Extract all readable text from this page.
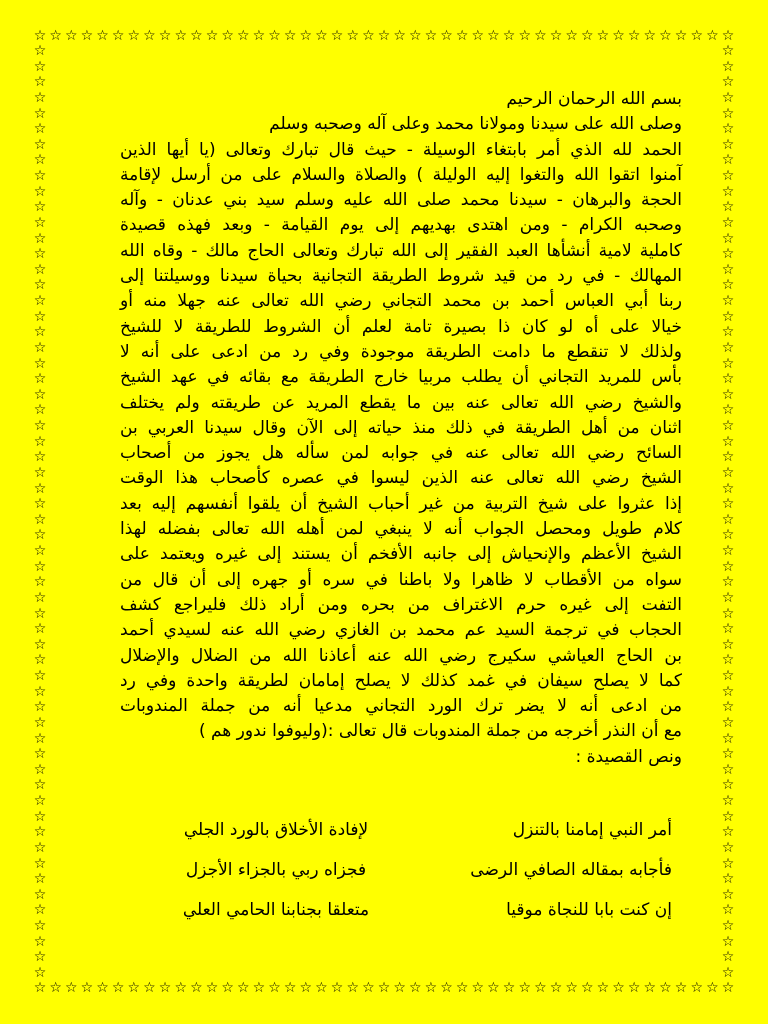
☆
☆
☆
☆
☆
☆
☆
☆
☆
☆
☆
☆
☆
☆
☆
☆
☆
☆
☆
☆
☆
☆
☆
☆
☆
☆
☆
☆
☆
☆
☆
☆
☆
☆
☆
☆
☆
☆
☆
☆
☆
☆
☆
☆
☆
☆
☆
☆
☆
☆
☆
☆
☆
☆
☆
☆
☆
☆
☆
☆
☆
☆
☆
☆
☆
☆
☆
☆
☆
☆
☆
☆
☆
☆
☆
☆
☆
☆
☆
☆
☆
☆
☆
☆
☆
☆
☆
☆
☆
☆
☆	☆
☆	☆
☆	☆
☆	☆
☆	☆
☆	☆
☆	☆
☆	☆
☆	☆
☆	☆
☆	☆
☆	☆
☆	☆
☆	☆
☆	☆
☆	☆
☆	☆
☆	☆
☆	☆
☆	☆
☆	☆
☆	☆
☆	☆
☆	☆
☆	☆
☆	☆
☆	☆
☆	☆
☆	☆
☆	☆
☆	☆
☆	☆
☆	☆
☆	☆
☆	☆
☆	☆
☆	☆
☆	☆
☆	☆
☆	☆
☆	☆
☆	☆
☆	☆
☆	☆
☆	☆
☆	☆
☆	☆
☆	☆
☆	☆
☆	☆
☆	☆
☆	☆
☆	☆
☆	☆
☆	☆
☆	☆
☆	☆
☆	☆
☆	☆
☆	☆
بسم الله الرحمان الرحيم
وصلى الله على سيدنا ومولانا محمد وعلى آله وصحبه وسلم
الحمد لله الذي أمر بابتغاء الوسيلة - حيث قال تبارك وتعالى (يا أيها الذين
آمنوا اتقوا الله والتغوا إليه الوليلة ) والصلاة والسلام على من أرسل لإقامة
الحجة والبرهان - سيدنا محمد صلى الله عليه وسلم سيد بني عدنان - وآله
وصحبه الكرام - ومن اهتدى بهديهم إلى يوم القيامة - وبعد فهذه قصيدة
كاملية لامية أنشأها العبد الفقير إلى الله تبارك وتعالى الحاج مالك - وقاه الله
المهالك - في رد من قيد شروط الطريقة التجانية بحياة سيدنا ووسيلتنا إلى
ربنا أبي العباس أحمد بن محمد التجاني رضي الله تعالى عنه جهلا منه أو
خيالا على أه لو كان ذا بصيرة تامة لعلم أن الشروط للطريقة لا للشيخ
ولذلك لا تنقطع ما دامت الطريقة موجودة وفي رد من ادعى على أنه لا
بأس للمريد التجاني أن يطلب مربيا خارج الطريقة مع بقائه في عهد الشيخ
والشيخ رضي الله تعالى عنه بين ما يقطع المريد عن طريقته ولم يختلف
اثنان من أهل الطريقة في ذلك منذ حياته إلى الآن وقال سيدنا العربي بن
السائح رضي الله تعالى عنه في جوابه لمن سأله هل يجوز من أصحاب
الشيخ رضي الله تعالى عنه الذين ليسوا في عصره كأصحاب هذا الوقت
إذا عثروا على شيخ التربية من غير أحباب الشيخ أن يلقوا أنفسهم إليه بعد
كلام طويل ومحصل الجواب أنه لا ينبغي لمن أهله الله تعالى بفضله لهذا
الشيخ الأعظم والإنحياش إلى جانبه الأفخم أن يستند إلى غيره ويعتمد على
سواه من الأقطاب لا ظاهرا ولا باطنا في سره أو جهره إلى أن قال من
التفت إلى غيره حرم الاغتراف من بحره ومن أراد ذلك فليراجع كشف
الحجاب في ترجمة السيد عم محمد بن الغازي رضي الله عنه لسيدي أحمد
بن الحاج العياشي سكيرج رضي الله عنه أعاذنا الله من الضلال والإضلال
كما لا يصلح سيفان في غمد كذلك لا يصلح إمامان لطريقة واحدة وفي رد
من ادعى أنه لا يضر ترك الورد التجاني مدعيا أنه من جملة المندوبات
مع أن النذر أخرجه من جملة المندوبات قال تعالى :(وليوفوا ندور هم )
ونص القصيدة :
أمر النبي إمامنا بالتنزل
لإفادة الأخلاق بالورد الجلي
فأجابه بمقاله الصافي الرضى
فجزاه ربي بالجزاء الأجزل
إن كنت بابا للنجاة موقيا
متعلقا بجنابنا الحامي العلي
